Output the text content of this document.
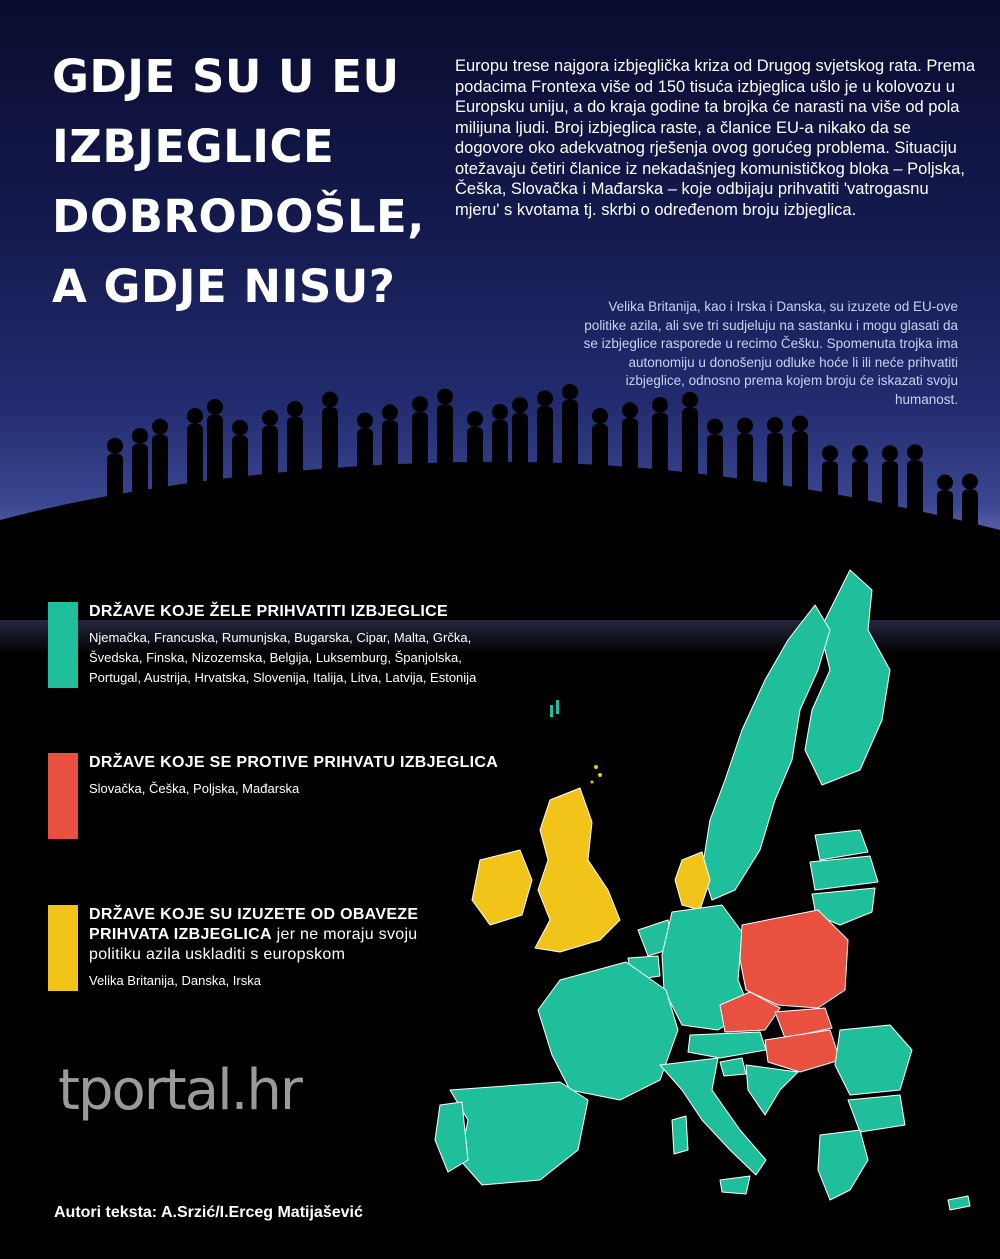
GDJE SU U EU
IZBJEGLICE
DOBRODOŠLE,
A GDJE NISU?
Europu trese najgora izbjeglička kriza od Drugog svjetskog rata. Prema podacima Frontexa više od 150 tisuća izbjeglica ušlo je u kolovozu u Europsku uniju, a do kraja godine ta brojka će narasti na više od pola milijuna ljudi. Broj izbjeglica raste, a članice EU-a nikako da se dogovore oko adekvatnog rješenja ovog gorućeg problema. Situaciju otežavaju četiri članice iz nekadašnjeg komunističkog bloka – Poljska, Češka, Slovačka i Mađarska – koje odbijaju prihvatiti 'vatrogasnu mjeru' s kvotama tj. skrbi o određenom broju izbjeglica.
Velika Britanija, kao i Irska i Danska, su izuzete od EU-ove politike azila, ali sve tri sudjeluju na sastanku i mogu glasati da se izbjeglice rasporede u recimo Češku. Spomenuta trojka ima autonomiju u donošenju odluke hoće li ili neće prihvatiti izbjeglice, odnosno prema kojem broju će iskazati svoju humanost.
DRŽAVE KOJE ŽELE PRIHVATITI IZBJEGLICE
Njemačka, Francuska, Rumunjska, Bugarska, Cipar, Malta, Grčka, Švedska, Finska, Nizozemska, Belgija, Luksemburg, Španjolska, Portugal, Austrija, Hrvatska, Slovenija, Italija, Litva, Latvija, Estonija
DRŽAVE KOJE SE PROTIVE PRIHVATU IZBJEGLICA
Slovačka, Češka, Poljska, Mađarska
DRŽAVE KOJE SU IZUZETE OD OBAVEZE PRIHVATA IZBJEGLICA jer ne moraju svoju politiku azila uskladiti s europskom
Velika Britanija, Danska, Irska
tportal.hr
Autori teksta: A.Srzić/I.Erceg Matijašević
